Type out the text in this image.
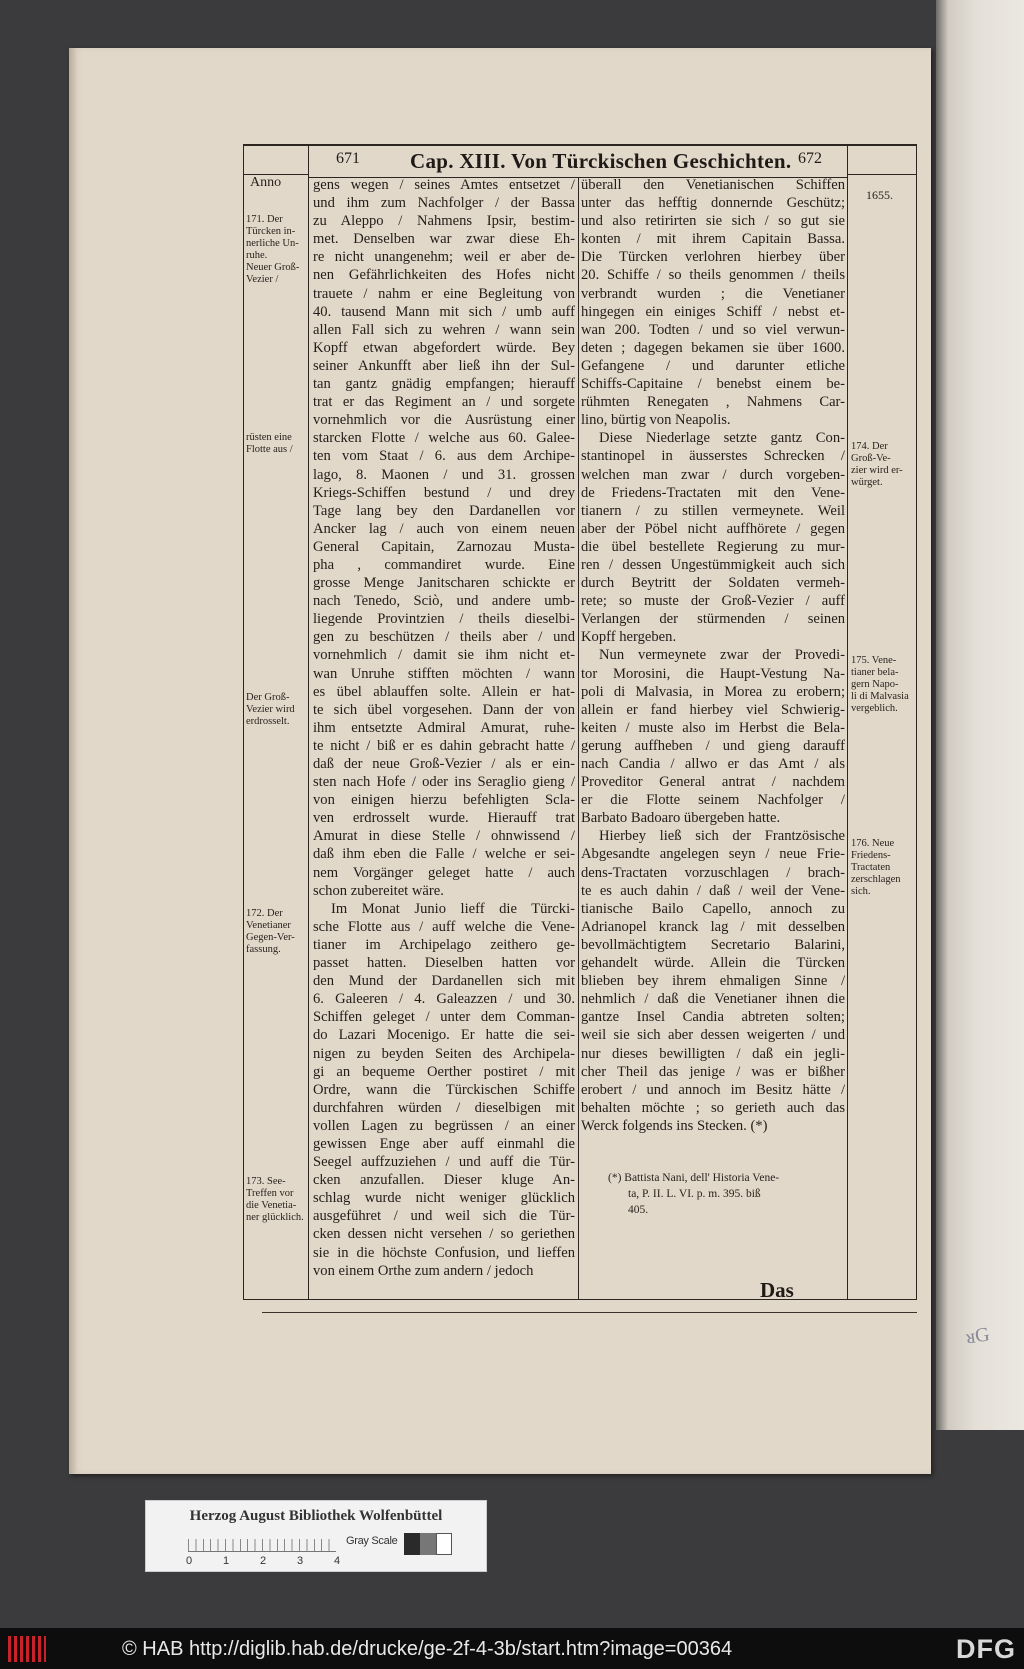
ᴚG
671 Cap. XIII. Von Türckischen Geschichten. 672
Anno
1655.
171. Der
Türcken in-
nerliche Un-
ruhe.
Neuer Groß-
Vezier /
rüsten eine
Flotte aus /
Der Groß-
Vezier wird
erdrosselt.
172. Der
Venetianer
Gegen-Ver-
fassung.
173. See-
Treffen vor
die Venetia-
ner glücklich.
174. Der
Groß-Ve-
zier wird er-
würget.
175. Vene-
tianer bela-
gern Napo-
li di Malvasia
vergeblich.
176. Neue
Friedens-
Tractaten
zerschlagen
sich.
gens wegen / seines Amtes entsetzet /
und ihm zum Nachfolger / der Bassa
zu Aleppo / Nahmens Ipsir, bestim-
met. Denselben war zwar diese Eh-
re nicht unangenehm; weil er aber de-
nen Gefährlichkeiten des Hofes nicht
trauete / nahm er eine Begleitung von
40. tausend Mann mit sich / umb auff
allen Fall sich zu wehren / wann sein
Kopff etwan abgefordert würde. Bey
seiner Ankunfft aber ließ ihn der Sul-
tan gantz gnädig empfangen; hierauff
trat er das Regiment an / und sorgete
vornehmlich vor die Ausrüstung einer
starcken Flotte / welche aus 60. Galee-
ten vom Staat / 6. aus dem Archipe-
lago, 8. Maonen / und 31. grossen
Kriegs-Schiffen bestund / und drey
Tage lang bey den Dardanellen vor
Ancker lag / auch von einem neuen
General Capitain, Zarnozau Musta-
pha , commandiret wurde. Eine
grosse Menge Janitscharen schickte er
nach Tenedo, Sciò, und andere umb-
liegende Provintzien / theils dieselbi-
gen zu beschützen / theils aber / und
vornehmlich / damit sie ihm nicht et-
wan Unruhe stifften möchten / wann
es übel ablauffen solte. Allein er hat-
te sich übel vorgesehen. Dann der von
ihm entsetzte Admiral Amurat, ruhe-
te nicht / biß er es dahin gebracht hatte /
daß der neue Groß-Vezier / als er ein-
sten nach Hofe / oder ins Seraglio gieng /
von einigen hierzu befehligten Scla-
ven erdrosselt wurde. Hierauff trat
Amurat in diese Stelle / ohnwissend /
daß ihm eben die Falle / welche er sei-
nem Vorgänger geleget hatte / auch
schon zubereitet wäre.
Im Monat Junio lieff die Türcki-
sche Flotte aus / auff welche die Vene-
tianer im Archipelago zeithero ge-
passet hatten. Dieselben hatten vor
den Mund der Dardanellen sich mit
6. Galeeren / 4. Galeazzen / und 30.
Schiffen geleget / unter dem Comman-
do Lazari Mocenigo. Er hatte die sei-
nigen zu beyden Seiten des Archipela-
gi an bequeme Oerther postiret / mit
Ordre, wann die Türckischen Schiffe
durchfahren würden / dieselbigen mit
vollen Lagen zu begrüssen / an einer
gewissen Enge aber auff einmahl die
Seegel auffzuziehen / und auff die Tür-
cken anzufallen. Dieser kluge An-
schlag wurde nicht weniger glücklich
ausgeführet / und weil sich die Tür-
cken dessen nicht versehen / so geriethen
sie in die höchste Confusion, und lieffen
von einem Orthe zum andern / jedoch
überall den Venetianischen Schiffen
unter das hefftig donnernde Geschütz;
und also retirirten sie sich / so gut sie
konten / mit ihrem Capitain Bassa.
Die Türcken verlohren hierbey über
20. Schiffe / so theils genommen / theils
verbrandt wurden ; die Venetianer
hingegen ein einiges Schiff / nebst et-
wan 200. Todten / und so viel verwun-
deten ; dagegen bekamen sie über 1600.
Gefangene / und darunter etliche
Schiffs-Capitaine / benebst einem be-
rühmten Renegaten , Nahmens Car-
lino, bürtig von Neapolis.
Diese Niederlage setzte gantz Con-
stantinopel in äusserstes Schrecken /
welchen man zwar / durch vorgeben-
de Friedens-Tractaten mit den Vene-
tianern / zu stillen vermeynete. Weil
aber der Pöbel nicht auffhörete / gegen
die übel bestellete Regierung zu mur-
ren / dessen Ungestümmigkeit auch sich
durch Beytritt der Soldaten vermeh-
rete; so muste der Groß-Vezier / auff
Verlangen der stürmenden / seinen
Kopff hergeben.
Nun vermeynete zwar der Provedi-
tor Morosini, die Haupt-Vestung Na-
poli di Malvasia, in Morea zu erobern;
allein er fand hierbey viel Schwierig-
keiten / muste also im Herbst die Bela-
gerung auffheben / und gieng darauff
nach Candia / allwo er das Amt / als
Proveditor General antrat / nachdem
er die Flotte seinem Nachfolger /
Barbato Badoaro übergeben hatte.
Hierbey ließ sich der Frantzösische
Abgesandte angelegen seyn / neue Frie-
dens-Tractaten vorzuschlagen / brach-
te es auch dahin / daß / weil der Vene-
tianische Bailo Capello, annoch zu
Adrianopel kranck lag / mit desselben
bevollmächtigtem Secretario Balarini,
gehandelt würde. Allein die Türcken
blieben bey ihrem ehmaligen Sinne /
nehmlich / daß die Venetianer ihnen die
gantze Insel Candia abtreten solten;
weil sie sich aber dessen weigerten / und
nur dieses bewilligten / daß ein jegli-
cher Theil das jenige / was er bißher
erobert / und annoch im Besitz hätte /
behalten möchte ; so gerieth auch das
Werck folgends ins Stecken. (*)
(*) Battista Nani, dell' Historia Vene-
ta, P. II. L. VI. p. m. 395. biß
405.
Das
Herzog August Bibliothek Wolfenbüttel
0	1	2	3	4
Gray Scale
© HAB http://diglib.hab.de/drucke/ge-2f-4-3b/start.htm?image=00364	DFG
